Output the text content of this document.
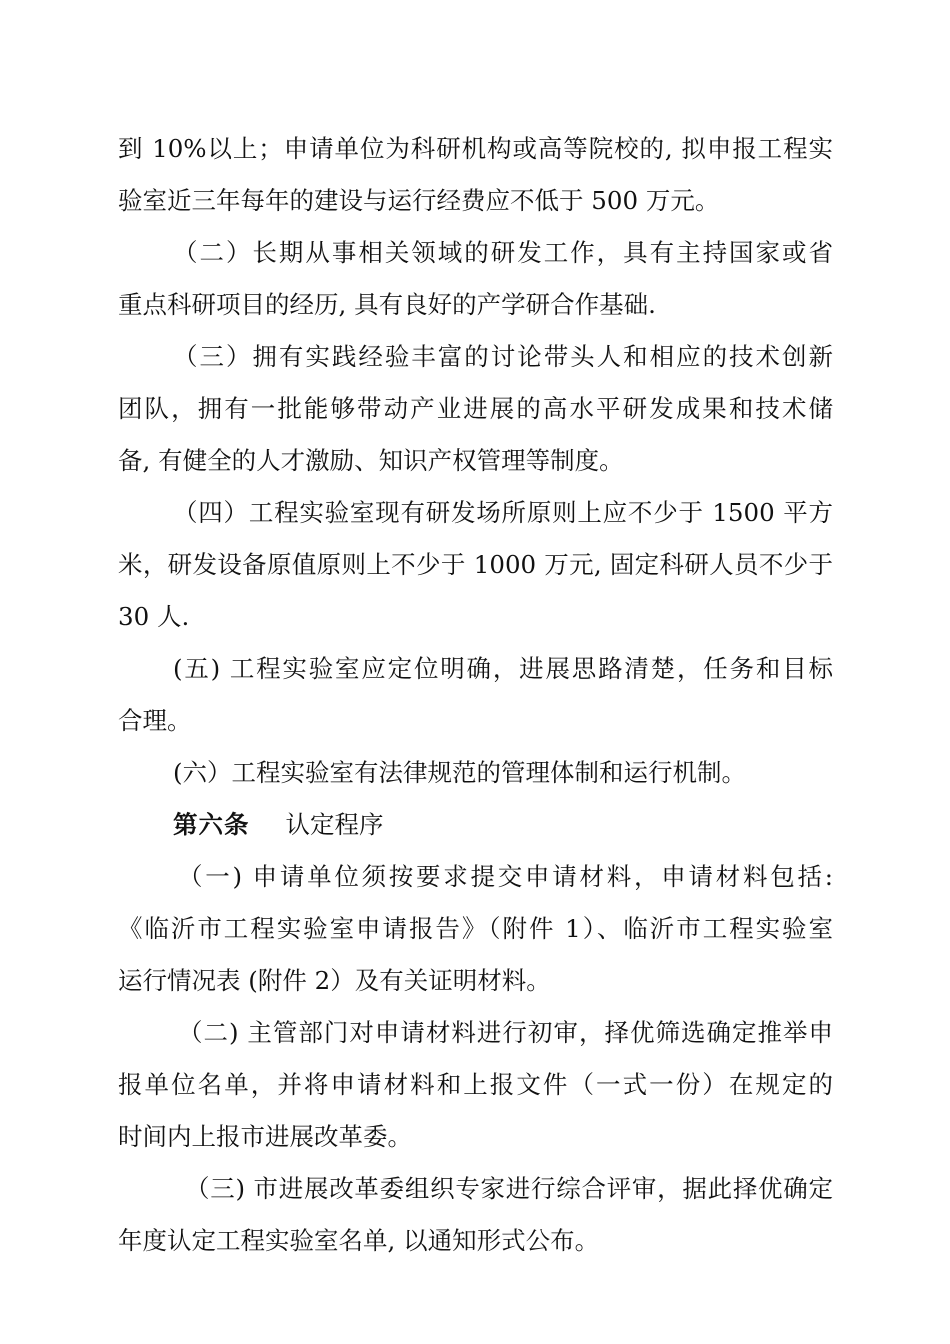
到 10%以上；申请单位为科研机构或高等院校的, 拟申报工程实
验室近三年每年的建设与运行经费应不低于 500 万元。
（二）长期从事相关领域的研发工作，具有主持国家或省
重点科研项目的经历, 具有良好的产学研合作基础.
（三）拥有实践经验丰富的讨论带头人和相应的技术创新
团队，拥有一批能够带动产业进展的高水平研发成果和技术储
备, 有健全的人才激励、知识产权管理等制度。
（四）工程实验室现有研发场所原则上应不少于 1500 平方
米，研发设备原值原则上不少于 1000 万元, 固定科研人员不少于
30 人.
(五) 工程实验室应定位明确，进展思路清楚，任务和目标
合理。
(六）工程实验室有法律规范的管理体制和运行机制。
第六条 认定程序
（一) 申请单位须按要求提交申请材料，申请材料包括:
《临沂市工程实验室申请报告》（附件 1）、临沂市工程实验室
运行情况表 (附件 2）及有关证明材料。
（二) 主管部门对申请材料进行初审，择优筛选确定推举申
报单位名单，并将申请材料和上报文件（一式一份）在规定的
时间内上报市进展改革委。
（三) 市进展改革委组织专家进行综合评审，据此择优确定
年度认定工程实验室名单, 以通知形式公布。
